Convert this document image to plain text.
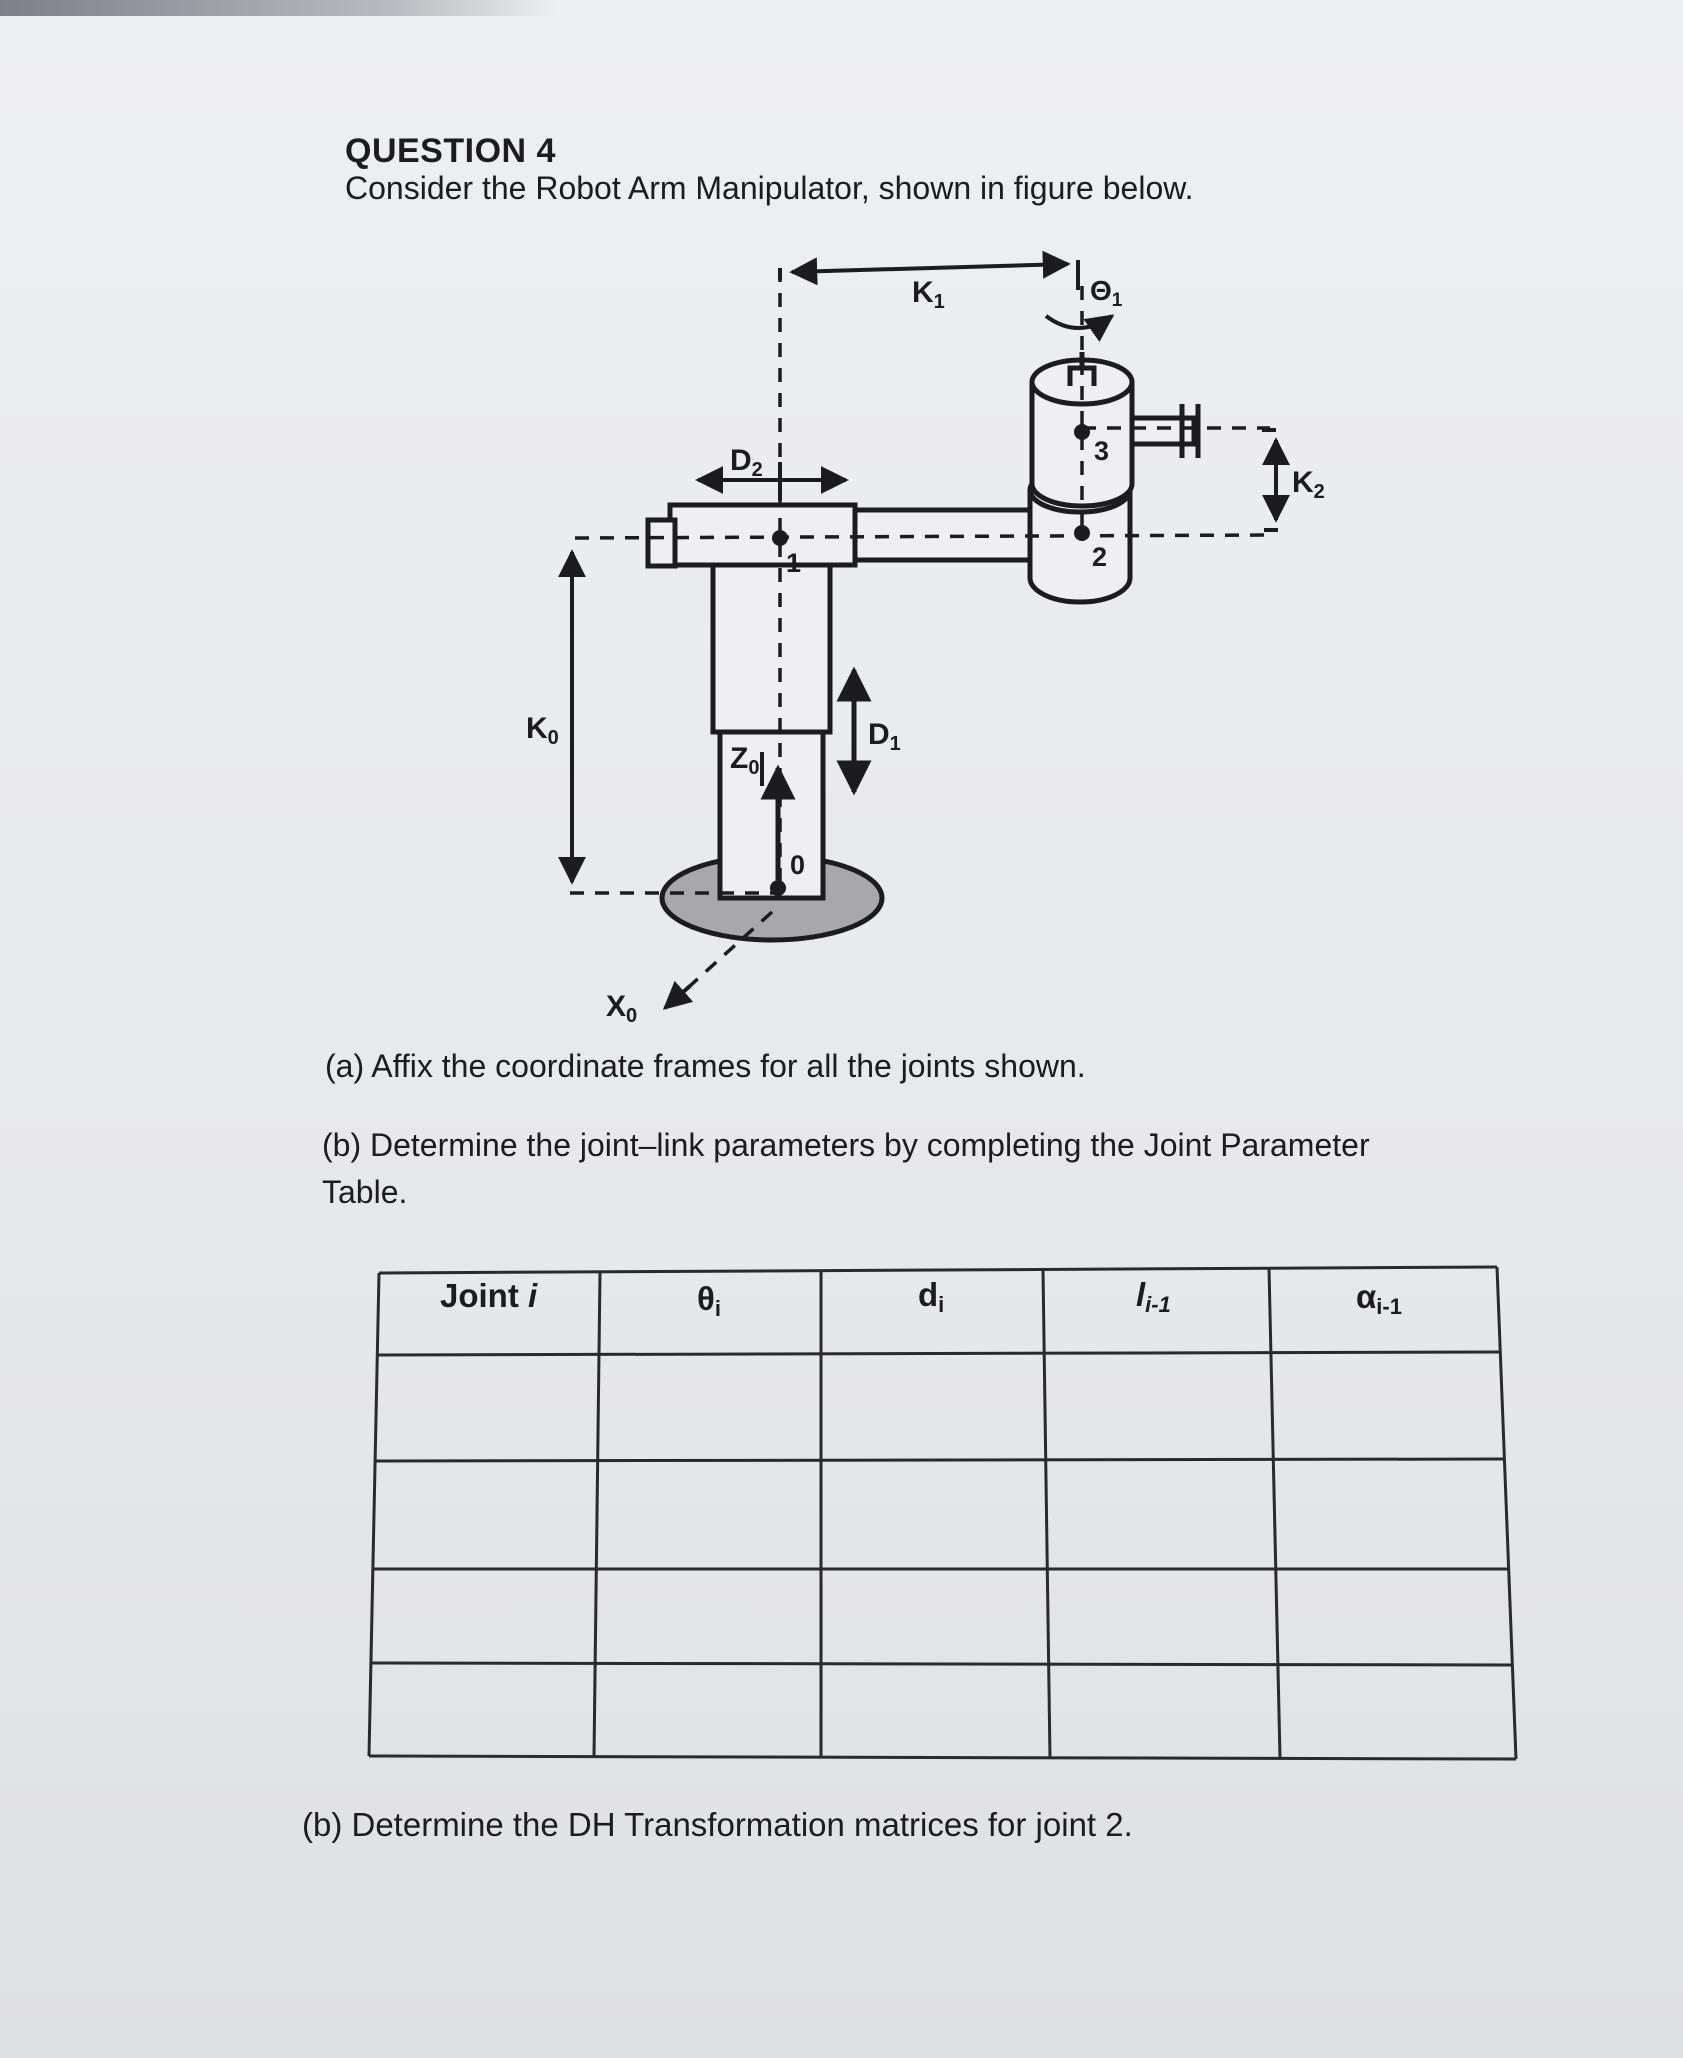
QUESTION 4
Consider the Robot Arm Manipulator, shown in figure below.
$K_1$	$\Theta_1$
$K_2$
$D_2$
$K_0$	$D_1$
$Z_0$
$X_0$
0
1	2
3
(a) Affix the coordinate frames for all the joints shown.
(b) Determine the joint–link parameters by completing the Joint Parameter
Table.
Joint i	θi	di	li-1	αi-1
(b) Determine the DH Transformation matrices for joint 2.
